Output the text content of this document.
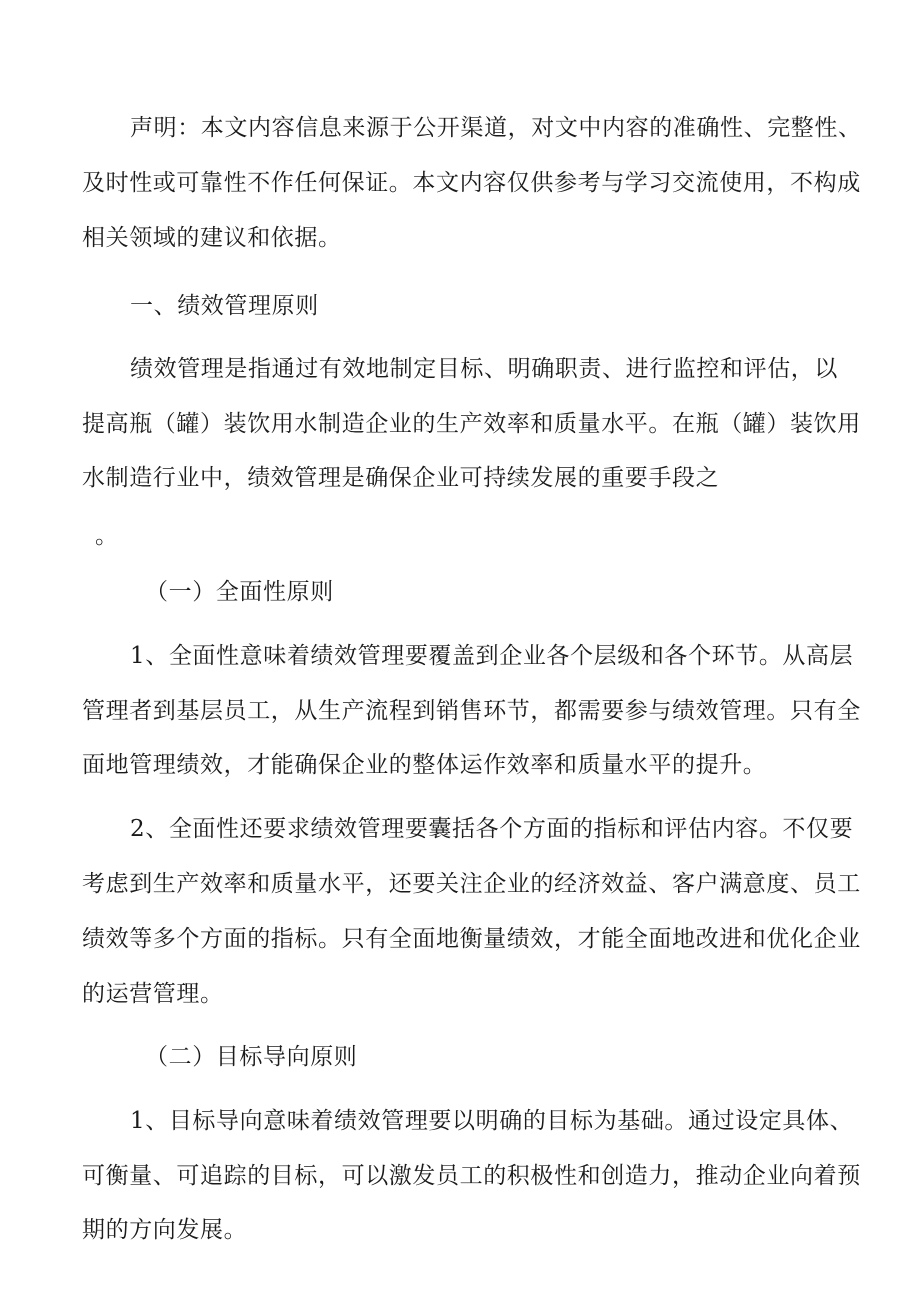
声明：本文内容信息来源于公开渠道，对文中内容的准确性、完整性、
及时性或可靠性不作任何保证。本文内容仅供参考与学习交流使用，不构成
相关领域的建议和依据。
一、绩效管理原则
绩效管理是指通过有效地制定目标、明确职责、进行监控和评估，以
提高瓶（罐）装饮用水制造企业的生产效率和质量水平。在瓶（罐）装饮用
水制造行业中，绩效管理是确保企业可持续发展的重要手段之
。
（一）全面性原则
1、全面性意味着绩效管理要覆盖到企业各个层级和各个环节。从高层
管理者到基层员工，从生产流程到销售环节，都需要参与绩效管理。只有全
面地管理绩效，才能确保企业的整体运作效率和质量水平的提升。
2、全面性还要求绩效管理要囊括各个方面的指标和评估内容。不仅要
考虑到生产效率和质量水平，还要关注企业的经济效益、客户满意度、员工
绩效等多个方面的指标。只有全面地衡量绩效，才能全面地改进和优化企业
的运营管理。
（二）目标导向原则
1、目标导向意味着绩效管理要以明确的目标为基础。通过设定具体、
可衡量、可追踪的目标，可以激发员工的积极性和创造力，推动企业向着预
期的方向发展。
